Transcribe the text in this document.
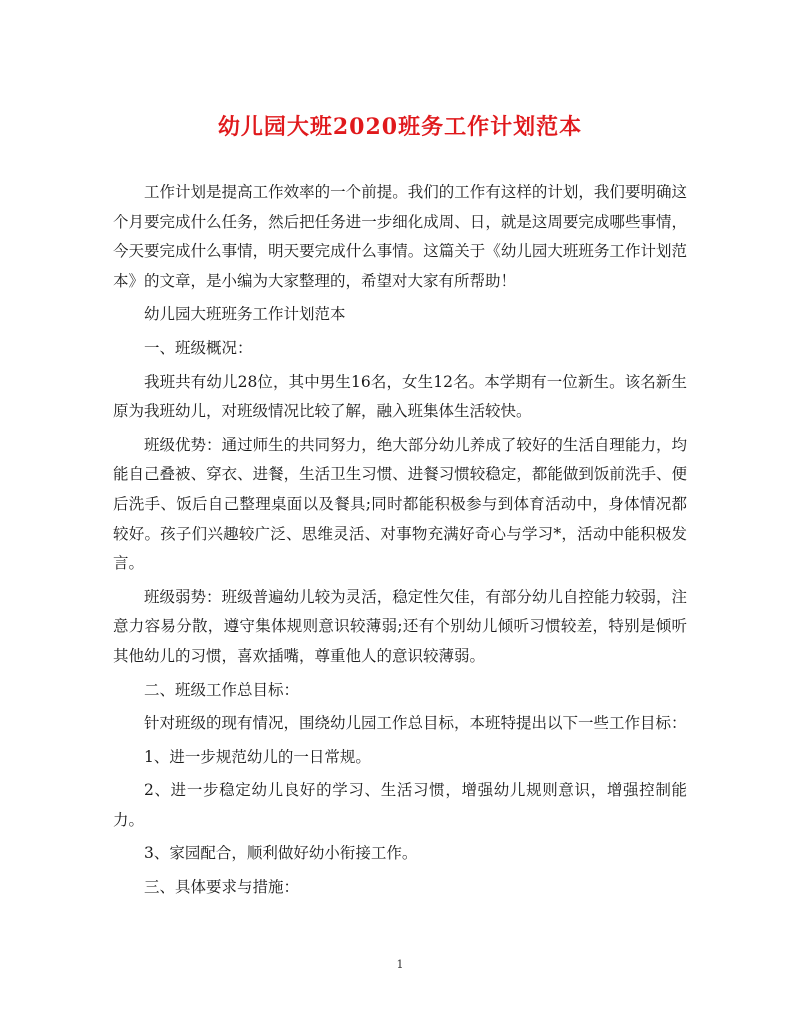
幼儿园大班2020班务工作计划范本

工作计划是提高工作效率的一个前提。我们的工作有这样的计划，我们要明确这个月要完成什么任务，然后把任务进一步细化成周、日，就是这周要完成哪些事情，今天要完成什么事情，明天要完成什么事情。这篇关于《幼儿园大班班务工作计划范本》的文章，是小编为大家整理的，希望对大家有所帮助！

幼儿园大班班务工作计划范本

一、班级概况：

我班共有幼儿28位，其中男生16名，女生12名。本学期有一位新生。该名新生原为我班幼儿，对班级情况比较了解，融入班集体生活较快。

班级优势：通过师生的共同努力，绝大部分幼儿养成了较好的生活自理能力，均能自己叠被、穿衣、进餐，生活卫生习惯、进餐习惯较稳定，都能做到饭前洗手、便后洗手、饭后自己整理桌面以及餐具;同时都能积极参与到体育活动中，身体情况都较好。孩子们兴趣较广泛、思维灵活、对事物充满好奇心与学习*，活动中能积极发言。

班级弱势：班级普遍幼儿较为灵活，稳定性欠佳，有部分幼儿自控能力较弱，注意力容易分散，遵守集体规则意识较薄弱;还有个别幼儿倾听习惯较差，特别是倾听其他幼儿的习惯，喜欢插嘴，尊重他人的意识较薄弱。

二、班级工作总目标：

针对班级的现有情况，围绕幼儿园工作总目标，本班特提出以下一些工作目标：

1、进一步规范幼儿的一日常规。

2、进一步稳定幼儿良好的学习、生活习惯，增强幼儿规则意识，增强控制能力。

3、家园配合，顺利做好幼小衔接工作。

三、具体要求与措施：

1
